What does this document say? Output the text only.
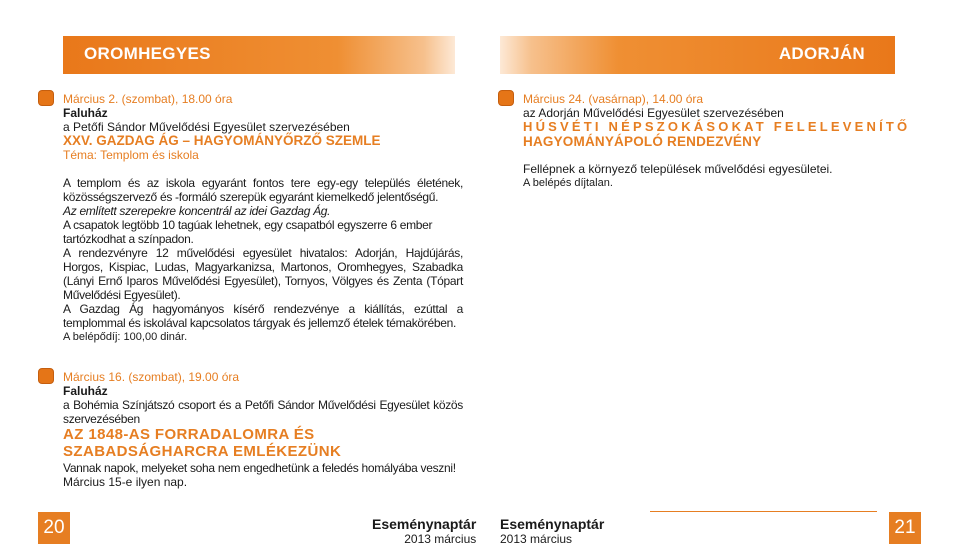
OROMHEGYES	ADORJÁN

Március 2. (szombat), 18.00 óra

Faluház

a Petőfi Sándor Művelődési Egyesület szervezésében

XXV. GAZDAG ÁG – HAGYOMÁNYŐRZŐ SZEMLE

Téma: Templom és iskola

A templom és az iskola egyaránt fontos tere egy-egy település életének, közösségszervező és -formáló szerepük egyaránt kiemelkedő jelentőségű.

Az említett szerepekre koncentrál az idei Gazdag Ág.

A csapatok legtöbb 10 tagúak lehetnek, egy csapatból egyszerre 6 ember tartózkodhat a színpadon.

A rendezvényre 12 művelődési egyesület hivatalos: Adorján, Hajdújárás, Horgos, Kispiac, Ludas, Magyarkanizsa, Martonos, Oromhegyes, Szabadka (Lányi Ernő Iparos Művelődési Egyesület), Tornyos, Völgyes és Zenta (Tópart Művelődési Egyesület).

A Gazdag Ág hagyományos kísérő rendezvénye a kiállítás, ezúttal a templommal és iskolával kapcsolatos tárgyak és jellemző ételek témakörében.

A belépődíj: 100,00 dinár.

Március 16. (szombat), 19.00 óra

Faluház

a Bohémia Színjátszó csoport és a Petőfi Sándor Művelődési Egyesület közös szervezésében

AZ 1848-AS FORRADALOMRA ÉS SZABADSÁGHARCRA EMLÉKEZÜNK

Vannak napok, melyeket soha nem engedhetünk a feledés homályába veszni!

Március 15-e ilyen nap.

Március 24. (vasárnap), 14.00 óra

az Adorján Művelődési Egyesület szervezésében

HÚSVÉTI NÉPSZOKÁSOKAT FELELEVENÍTŐ

HAGYOMÁNYÁPOLÓ RENDEZVÉNY

Fellépnek a környező települések művelődési egyesületei.

A belépés díjtalan.

20	21
Eseménynaptár
2013 március
Eseménynaptár
2013 március
